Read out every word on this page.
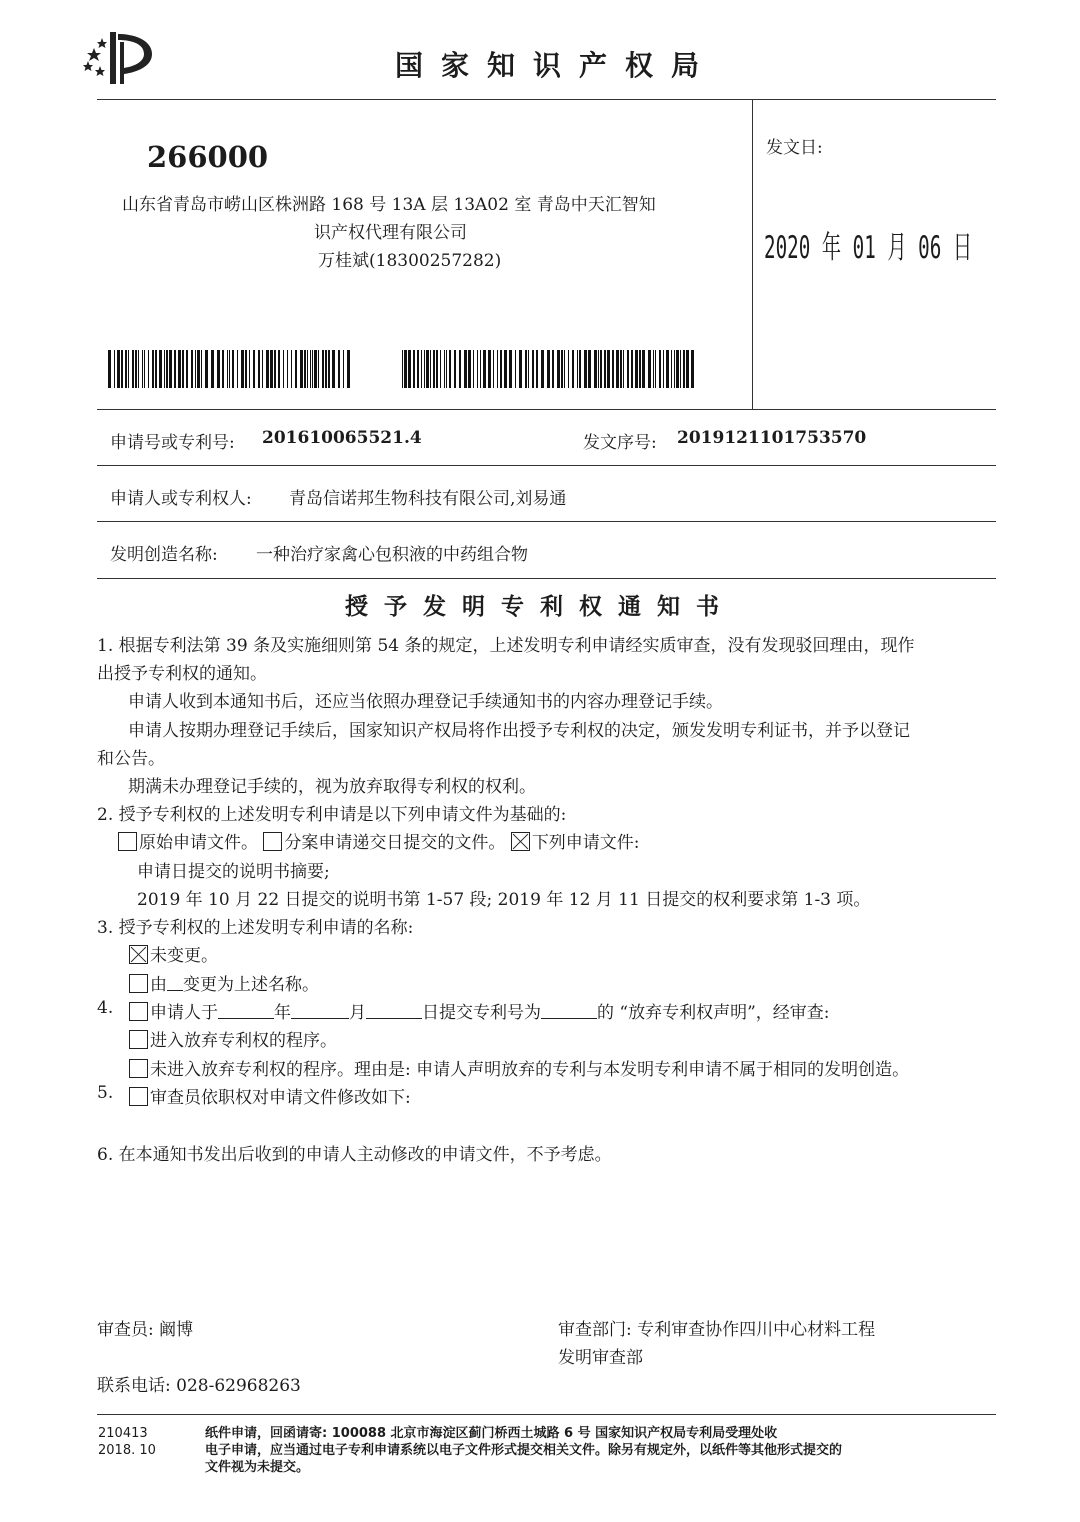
国家知识产权局
266000
山东省青岛市崂山区株洲路 168 号 13A 层 13A02 室 青岛中天汇智知
识产权代理有限公司
万桂斌(18300257282)
发文日:
2020 年 01 月 06 日
申请号或专利号: 201610065521.4	发文序号: 2019121101753570
申请人或专利权人: 青岛信诺邦生物科技有限公司,刘易通
发明创造名称: 一种治疗家禽心包积液的中药组合物
授予发明专利权通知书
1. 根据专利法第 39 条及实施细则第 54 条的规定，上述发明专利申请经实质审查，没有发现驳回理由，现作
出授予专利权的通知。
申请人收到本通知书后，还应当依照办理登记手续通知书的内容办理登记手续。
申请人按期办理登记手续后，国家知识产权局将作出授予专利权的决定，颁发发明专利证书，并予以登记
和公告。
期满未办理登记手续的，视为放弃取得专利权的权利。
2. 授予专利权的上述发明专利申请是以下列申请文件为基础的:
原始申请文件。 分案申请递交日提交的文件。 下列申请文件:
申请日提交的说明书摘要;
2019 年 10 月 22 日提交的说明书第 1-57 段; 2019 年 12 月 11 日提交的权利要求第 1-3 项。
3. 授予专利权的上述发明专利申请的名称:
未变更。
由 变更为上述名称。
4.	申请人于	年	月	日提交专利号为	的 “放弃专利权声明”，经审查:
进入放弃专利权的程序。
未进入放弃专利权的程序。理由是: 申请人声明放弃的专利与本发明专利申请不属于相同的发明创造。
5.	审查员依职权对申请文件修改如下:
6. 在本通知书发出后收到的申请人主动修改的申请文件，不予考虑。
审查员: 阚博
联系电话: 028-62968263
审查部门: 专利审查协作四川中心材料工程
发明审查部
210413
2018. 10
纸件申请，回函请寄: 100088 北京市海淀区蓟门桥西土城路 6 号 国家知识产权局专利局受理处收
电子申请，应当通过电子专利申请系统以电子文件形式提交相关文件。除另有规定外，以纸件等其他形式提交的
文件视为未提交。
